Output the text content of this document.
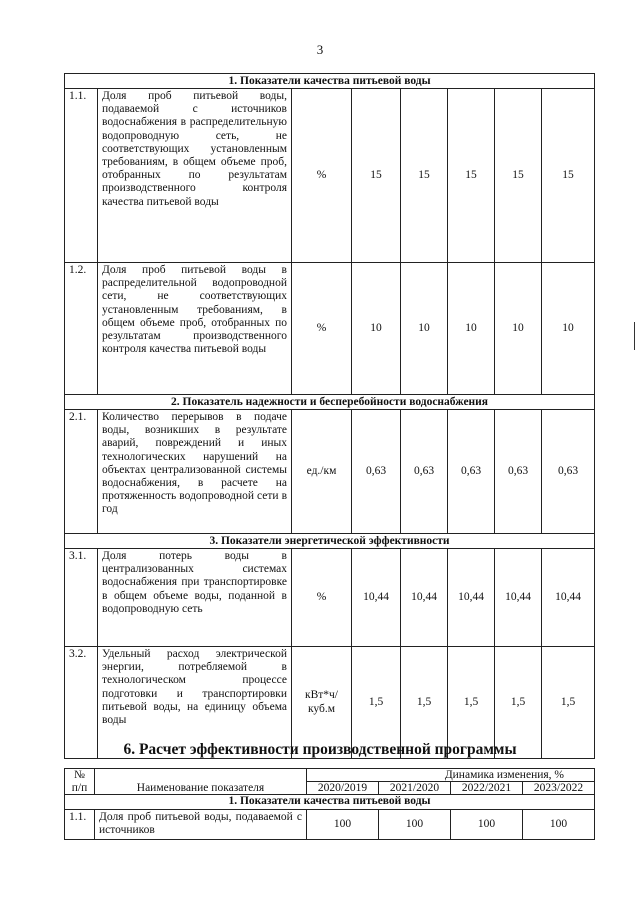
3
1. Показатели качества питьевой воды							
1.1.	Доля проб питьевой воды, подаваемой с источников водоснабжения в распределительную водопроводную сеть, не соответствующих установленным требованиям, в общем объеме проб, отобранных по результатам производственного контроля качества питьевой воды	%	15	15	15	15	15
1.2.	Доля проб питьевой воды в распределительной водопроводной сети, не соответствующих установленным требованиям, в общем объеме проб, отобранных по результатам производственного контроля качества питьевой воды	%	10	10	10	10	10
2. Показатель надежности и бесперебойности водоснабжения							
2.1.	Количество перерывов в подаче воды, возникших в результате аварий, повреждений и иных технологических нарушений на объектах централизованной системы водоснабжения, в расчете на протяженность водопроводной сети в год	ед./км	0,63	0,63	0,63	0,63	0,63
3. Показатели энергетической эффективности							
3.1.	Доля потерь воды в централизованных системах водоснабжения при транспортировке в общем объеме воды, поданной в водопроводную сеть	%	10,44	10,44	10,44	10,44	10,44
3.2.	Удельный расход электрической энергии, потребляемой в технологическом процессе подготовки и транспортировки питьевой воды, на единицу объема воды	кВт*ч/ куб.м	1,5	1,5	1,5	1,5	1,5
6. Расчет эффективности производственной программы
№	Наименование показателя	Динамика изменения, %			
п/п		2020/2019	2021/2020	2022/2021	2023/2022
1. Показатели качества питьевой воды					
1.1.	Доля проб питьевой воды, подаваемой с источников	100	100	100	100
